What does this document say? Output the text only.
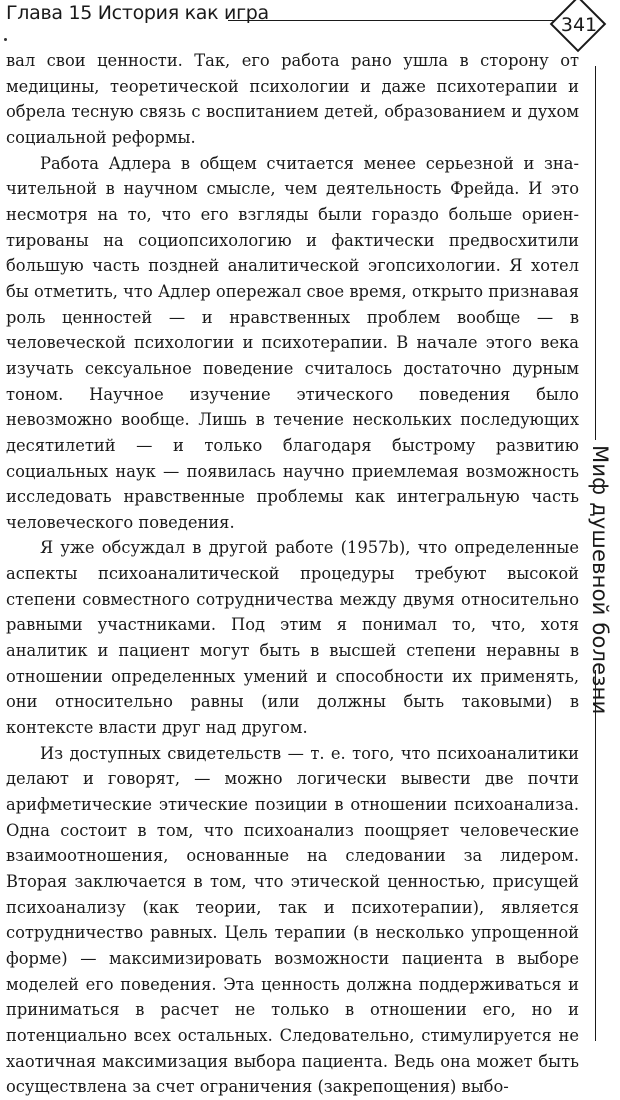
Глава 15 История как игра
341
Миф душевной болезни

вал свои ценности. Так, его работа рано ушла в сторону от медицины, теоретической психологии и даже психотерапии и обрела тесную связь с воспитанием детей, образованием и духом социальной реформы.

Работа Адлера в общем считается менее серьезной и значительной в научном смысле, чем деятельность Фрейда. И это несмотря на то, что его взгляды были гораздо больше ориентированы на социопсихологию и фактически предвосхитили большую часть поздней аналитической эгопсихологии. Я хотел бы отметить, что Адлер опережал свое время, открыто признавая роль ценностей — и нравственных проблем вообще — в человеческой психологии и психотерапии. В начале этого века изучать сексуальное поведение считалось достаточно дурным тоном. Научное изучение этического поведения было невозможно вообще. Лишь в течение нескольких последующих десятилетий — и только благодаря быстрому развитию социальных наук — появилась научно приемлемая возможность исследовать нравственные проблемы как интегральную часть человеческого поведения.

Я уже обсуждал в другой работе (1957b), что определенные аспекты психоаналитической процедуры требуют высокой степени совместного сотрудничества между двумя относительно равными участниками. Под этим я понимал то, что, хотя аналитик и пациент могут быть в высшей степени неравны в отношении определенных умений и способности их применять, они относительно равны (или должны быть таковыми) в контексте власти друг над другом.

Из доступных свидетельств — т. е. того, что психоаналитики делают и говорят, — можно логически вывести две почти арифметические этические позиции в отношении психоанализа. Одна состоит в том, что психоанализ поощряет человеческие взаимоотношения, основанные на следовании за лидером. Вторая заключается в том, что этической ценностью, присущей психоанализу (как теории, так и психотерапии), является сотрудничество равных. Цель терапии (в несколько упрощенной форме) — максимизировать возможности пациента в выборе моделей его поведения. Эта ценность должна поддерживаться и приниматься в расчет не только в отношении его, но и потенциально всех остальных. Следовательно, стимулируется не хаотичная максимизация выбора пациента. Ведь она может быть осуществлена за счет ограничения (закрепощения) выбо-
